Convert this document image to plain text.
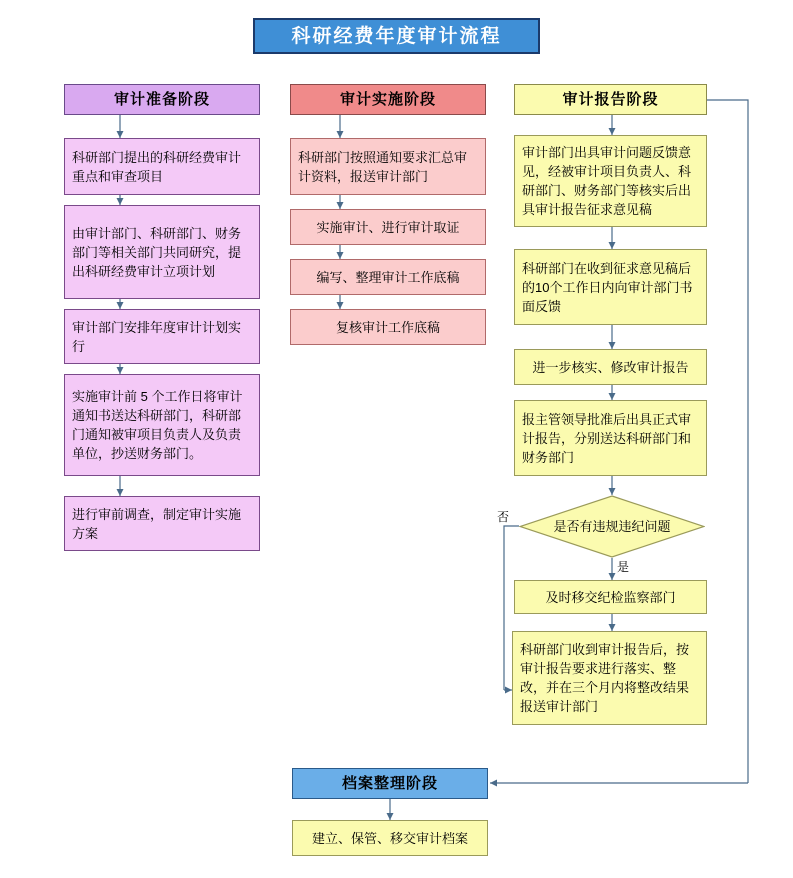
科研经费年度审计流程
审计准备阶段
科研部门提出的科研经费审计重点和审查项目
由审计部门、科研部门、财务部门等相关部门共同研究，提出科研经费审计立项计划
审计部门安排年度审计计划实行
实施审计前 5 个工作日将审计通知书送达科研部门，科研部门通知被审项目负责人及负责单位，抄送财务部门。
进行审前调查，制定审计实施方案
审计实施阶段
科研部门按照通知要求汇总审计资料，报送审计部门
实施审计、进行审计取证
编写、整理审计工作底稿
复核审计工作底稿
审计报告阶段
审计部门出具审计问题反馈意见，经被审计项目负责人、科研部门、财务部门等核实后出具审计报告征求意见稿
科研部门在收到征求意见稿后的10个工作日内向审计部门书面反馈
进一步核实、修改审计报告
报主管领导批准后出具正式审计报告，分别送达科研部门和财务部门
是否有违规违纪问题
否
是
及时移交纪检监察部门
科研部门收到审计报告后，按审计报告要求进行落实、整改，并在三个月内将整改结果报送审计部门
档案整理阶段
建立、保管、移交审计档案
